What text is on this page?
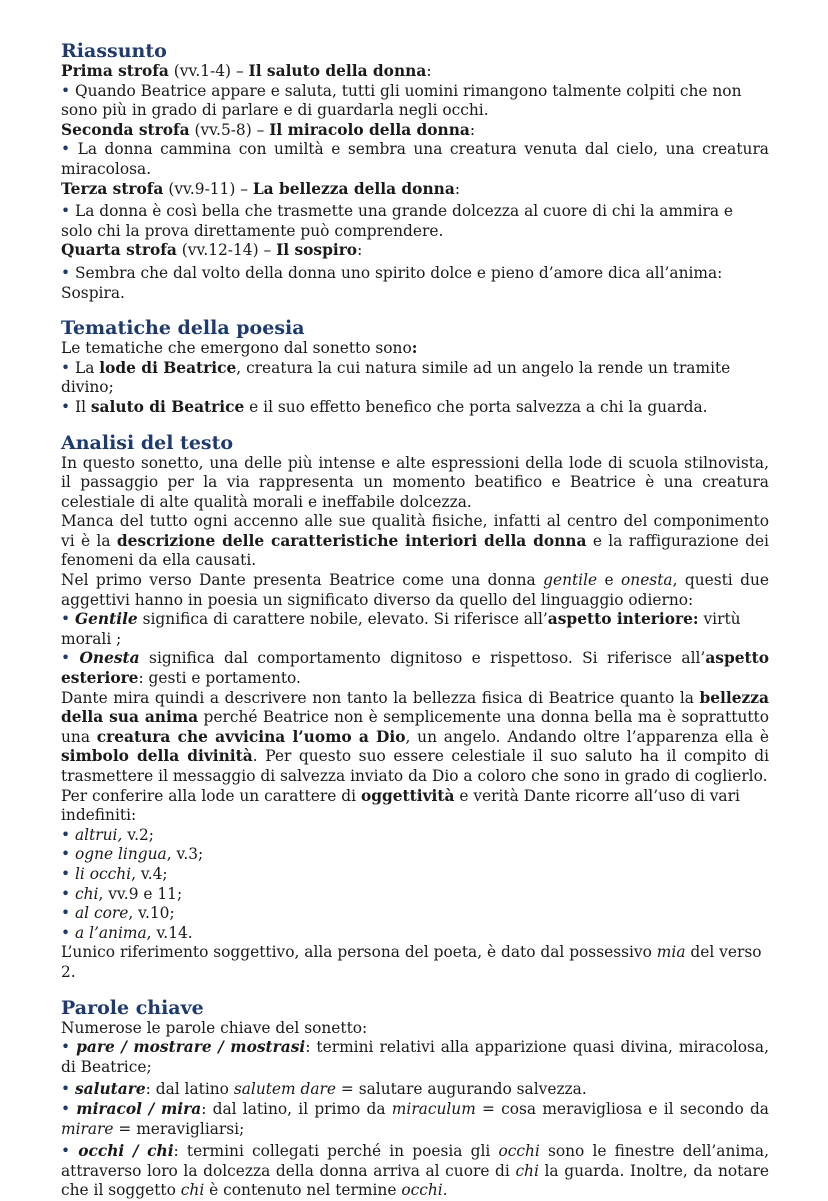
Riassunto

Prima strofa (vv.1-4) – Il saluto della donna:

• Quando Beatrice appare e saluta, tutti gli uomini rimangono talmente colpiti che non sono più in grado di parlare e di guardarla negli occhi.

Seconda strofa (vv.5-8) – Il miracolo della donna:

• La donna cammina con umiltà e sembra una creatura venuta dal cielo, una creatura miracolosa.

Terza strofa (vv.9-11) – La bellezza della donna:

• La donna è così bella che trasmette una grande dolcezza al cuore di chi la ammira e solo chi la prova direttamente può comprendere.

Quarta strofa (vv.12-14) – Il sospiro:

• Sembra che dal volto della donna uno spirito dolce e pieno d’amore dica all’anima: Sospira.

Tematiche della poesia

Le tematiche che emergono dal sonetto sono:

• La lode di Beatrice, creatura la cui natura simile ad un angelo la rende un tramite divino;

• Il saluto di Beatrice e il suo effetto benefico che porta salvezza a chi la guarda.

Analisi del testo

In questo sonetto, una delle più intense e alte espressioni della lode di scuola stilnovista, il passaggio per la via rappresenta un momento beatifico e Beatrice è una creatura celestiale di alte qualità morali e ineffabile dolcezza.

Manca del tutto ogni accenno alle sue qualità fisiche, infatti al centro del componimento vi è la descrizione delle caratteristiche interiori della donna e la raffigurazione dei fenomeni da ella causati.

Nel primo verso Dante presenta Beatrice come una donna gentile e onesta, questi due aggettivi hanno in poesia un significato diverso da quello del linguaggio odierno:

• Gentile significa di carattere nobile, elevato. Si riferisce all’aspetto interiore: virtù morali ;

• Onesta significa dal comportamento dignitoso e rispettoso. Si riferisce all’aspetto esteriore: gesti e portamento.

Dante mira quindi a descrivere non tanto la bellezza fisica di Beatrice quanto la bellezza della sua anima perché Beatrice non è semplicemente una donna bella ma è soprattutto una creatura che avvicina l’uomo a Dio, un angelo. Andando oltre l’apparenza ella è simbolo della divinità. Per questo suo essere celestiale il suo saluto ha il compito di trasmettere il messaggio di salvezza inviato da Dio a coloro che sono in grado di coglierlo.

Per conferire alla lode un carattere di oggettività e verità Dante ricorre all’uso di vari indefiniti:

• altrui, v.2;

• ogne lingua, v.3;

• li occhi, v.4;

• chi, vv.9 e 11;

• al core, v.10;

• a l’anima, v.14.

L’unico riferimento soggettivo, alla persona del poeta, è dato dal possessivo mia del verso 2.

Parole chiave

Numerose le parole chiave del sonetto:

• pare / mostrare / mostrasi: termini relativi alla apparizione quasi divina, miracolosa, di Beatrice;

• salutare: dal latino salutem dare = salutare augurando salvezza.

• miracol / mira: dal latino, il primo da miraculum = cosa meravigliosa e il secondo da mirare = meravigliarsi;

• occhi / chi: termini collegati perché in poesia gli occhi sono le finestre dell’anima, attraverso loro la dolcezza della donna arriva al cuore di chi la guarda. Inoltre, da notare che il soggetto chi è contenuto nel termine occhi.
